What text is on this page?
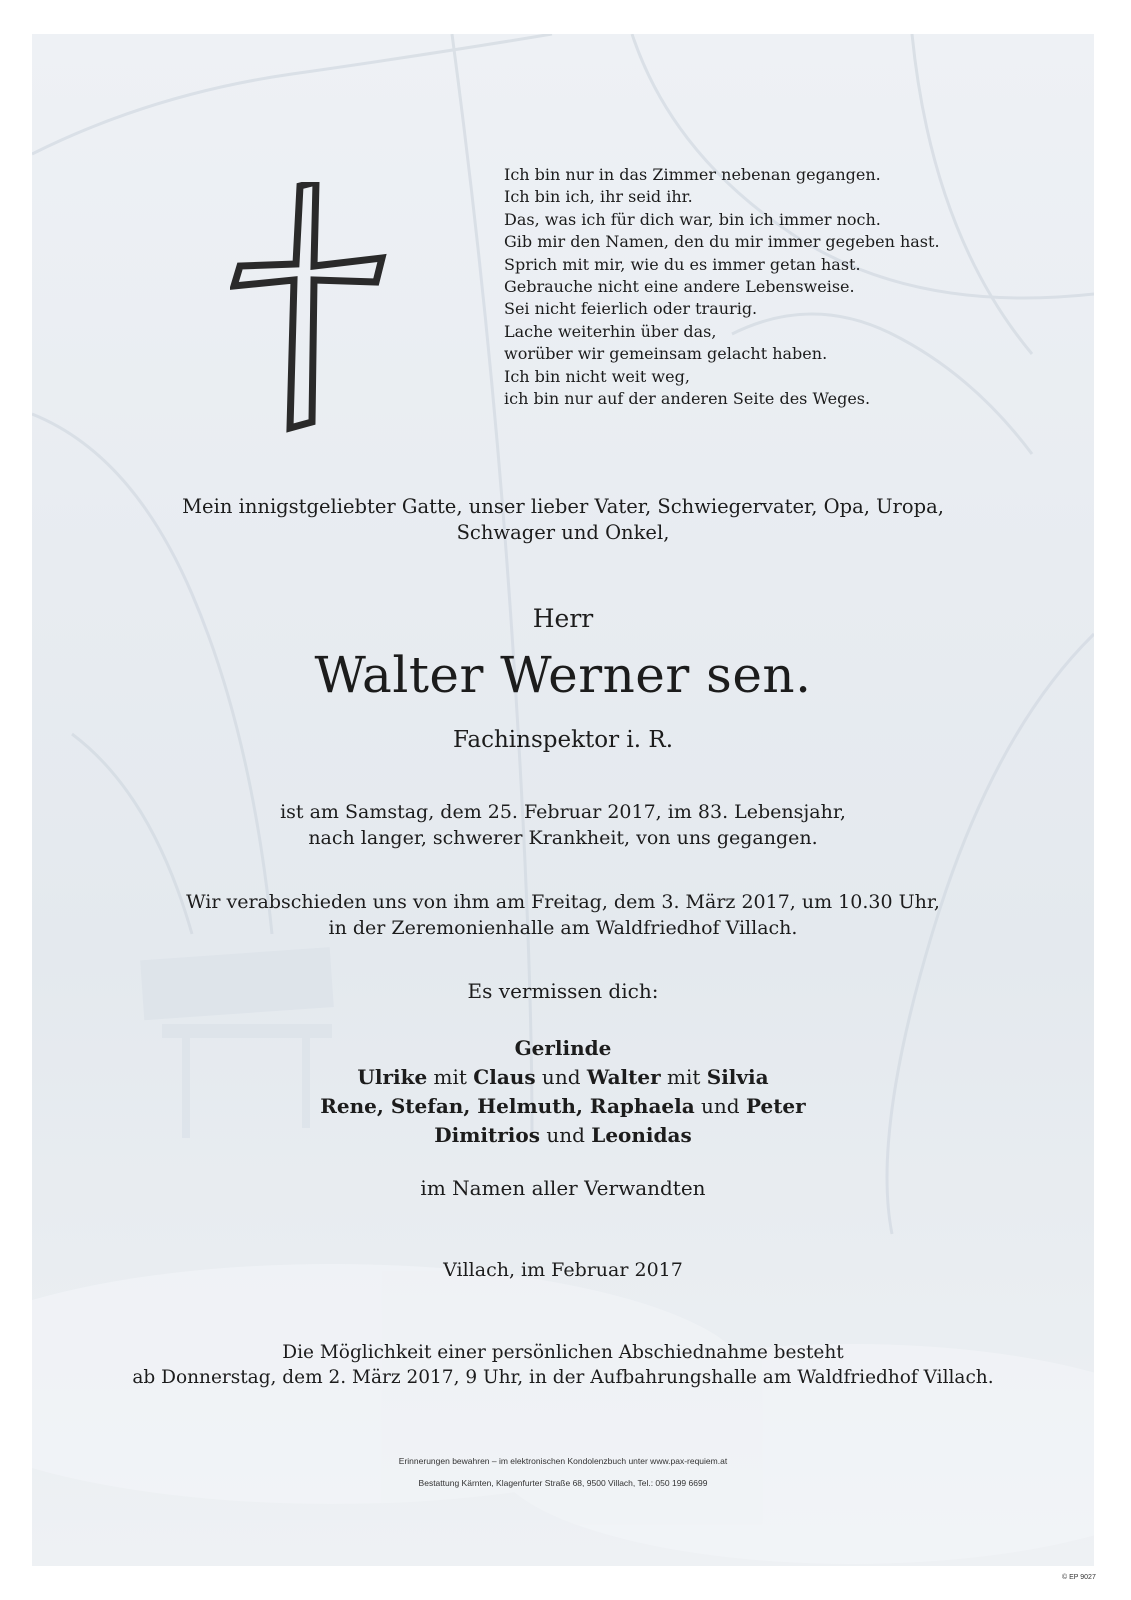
Ich bin nur in das Zimmer nebenan gegangen.
Ich bin ich, ihr seid ihr.
Das, was ich für dich war, bin ich immer noch.
Gib mir den Namen, den du mir immer gegeben hast.
Sprich mit mir, wie du es immer getan hast.
Gebrauche nicht eine andere Lebensweise.
Sei nicht feierlich oder traurig.
Lache weiterhin über das,
worüber wir gemeinsam gelacht haben.
Ich bin nicht weit weg,
ich bin nur auf der anderen Seite des Weges.
Mein innigstgeliebter Gatte, unser lieber Vater, Schwiegervater, Opa, Uropa,
Schwager und Onkel,
Herr
Walter Werner sen.
Fachinspektor i. R.
ist am Samstag, dem 25. Februar 2017, im 83. Lebensjahr,
nach langer, schwerer Krankheit, von uns gegangen.
Wir verabschieden uns von ihm am Freitag, dem 3. März 2017, um 10.30 Uhr,
in der Zeremonienhalle am Waldfriedhof Villach.
Es vermissen dich:
Gerlinde
Ulrike mit Claus und Walter mit Silvia
Rene, Stefan, Helmuth, Raphaela und Peter
Dimitrios und Leonidas
im Namen aller Verwandten
Villach, im Februar 2017
Die Möglichkeit einer persönlichen Abschiednahme besteht
ab Donnerstag, dem 2. März 2017, 9 Uhr, in der Aufbahrungshalle am Waldfriedhof Villach.
Erinnerungen bewahren – im elektronischen Kondolenzbuch unter www.pax-requiem.at
Bestattung Kärnten, Klagenfurter Straße 68, 9500 Villach, Tel.: 050 199 6699
© EP 9027
